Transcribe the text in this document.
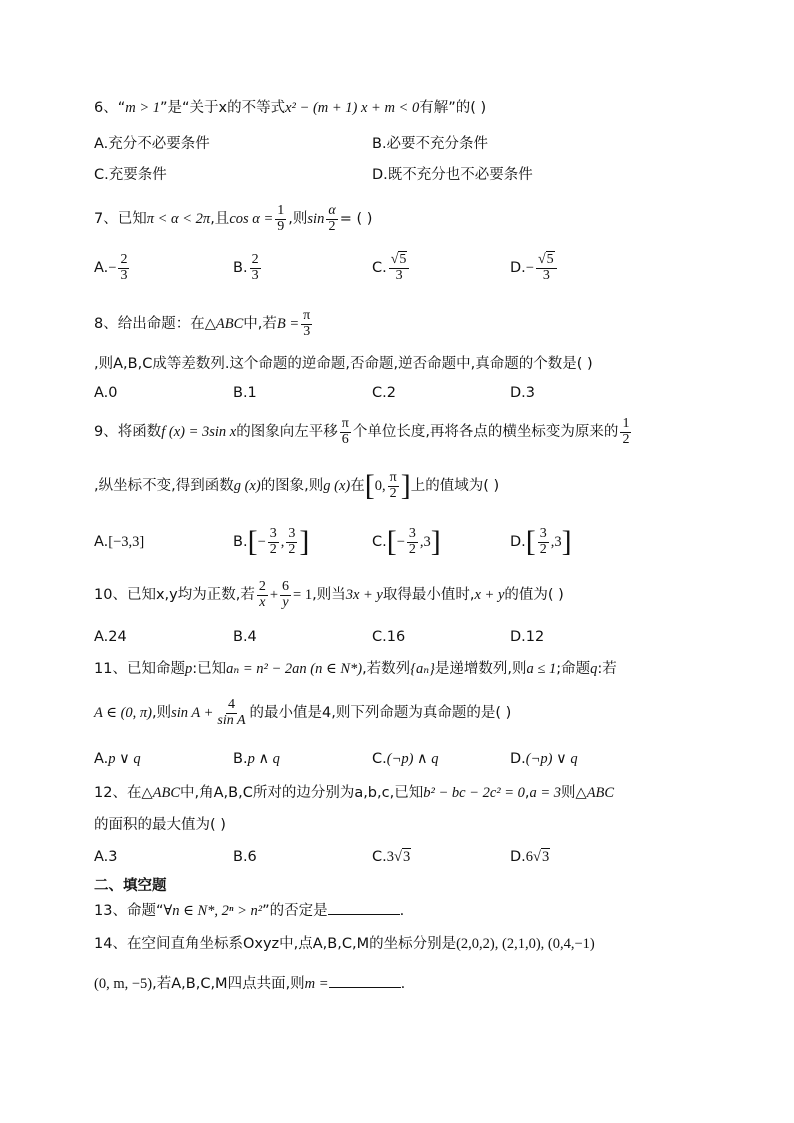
6、“m > 1”是“关于x的不等式x² − (m + 1) x + m < 0有解”的( )
A.充分不必要条件	B.必要不充分条件
C.充要条件	D.既不充分也不必要条件
7、已知π < α < 2π,且$\cos \alpha = \frac{1}{9}$ ,则$\sin \frac{\alpha}{2}$ = ( )
$A.- \frac{2}{3}$	B. $\frac{2}{3}$	C. $\frac{√5}{3}$	$D.- \frac{√5}{3}$
8、给出命题：在△ABC中,若$B = \frac{\pi}{3}$
,则A,B,C成等差数列.这个命题的逆命题,否命题,逆否命题中,真命题的个数是( )
A.0	B.1	C.2	D.3
9、将函数f (x) = 3sin x的图象向左平移 $\frac{\pi}{6}$ 个单位长度,再将各点的横坐标变为原来的 $\frac{1}{2}$
,纵坐标不变,得到函数g (x)的图象,则g (x)在[0, $\frac{\pi}{2}$ ]上的值域为( )
A.[−3,3]	$B.[- \frac{3}{2}$ , $\frac{3}{2}$ ]	$C.[- \frac{3}{2} ,3]$	$D.[ \frac{3}{2} ,3]$
10、已知x,y均为正数,若 $\frac{2}{x} + \frac{6}{y} = 1$,则当3x + y取得最小值时,x + y的值为( )
A.24	B.4	C.16	D.12
11、已知命题p:已知aₙ = n² − 2an (n ∈ N*),若数列{aₙ}是递增数列,则a ≤ 1;命题q:若
A ∈ (0, π),则$\sin A + \frac{4}{\text{sin A}}$ 的最小值是4,则下列命题为真命题的是( )
A.p ∨ q	B.p ∧ q	C.(¬p) ∧ q	D.(¬p) ∨ q
12、在△ABC中,角A,B,C所对的边分别为a,b,c,已知b² − bc − 2c² = 0,a = 3则△ABC
的面积的最大值为( )
A.3	B.6	C.3√3	D.6√3
二、填空题
13、命题“∀n ∈ N*, 2ⁿ > n²”的否定是	.
14、在空间直角坐标系Oxyz中,点A,B,C,M的坐标分别是(2,0,2), (2,1,0), (0,4,−1)
(0, m, −5),若A,B,C,M四点共面,则m =	.
